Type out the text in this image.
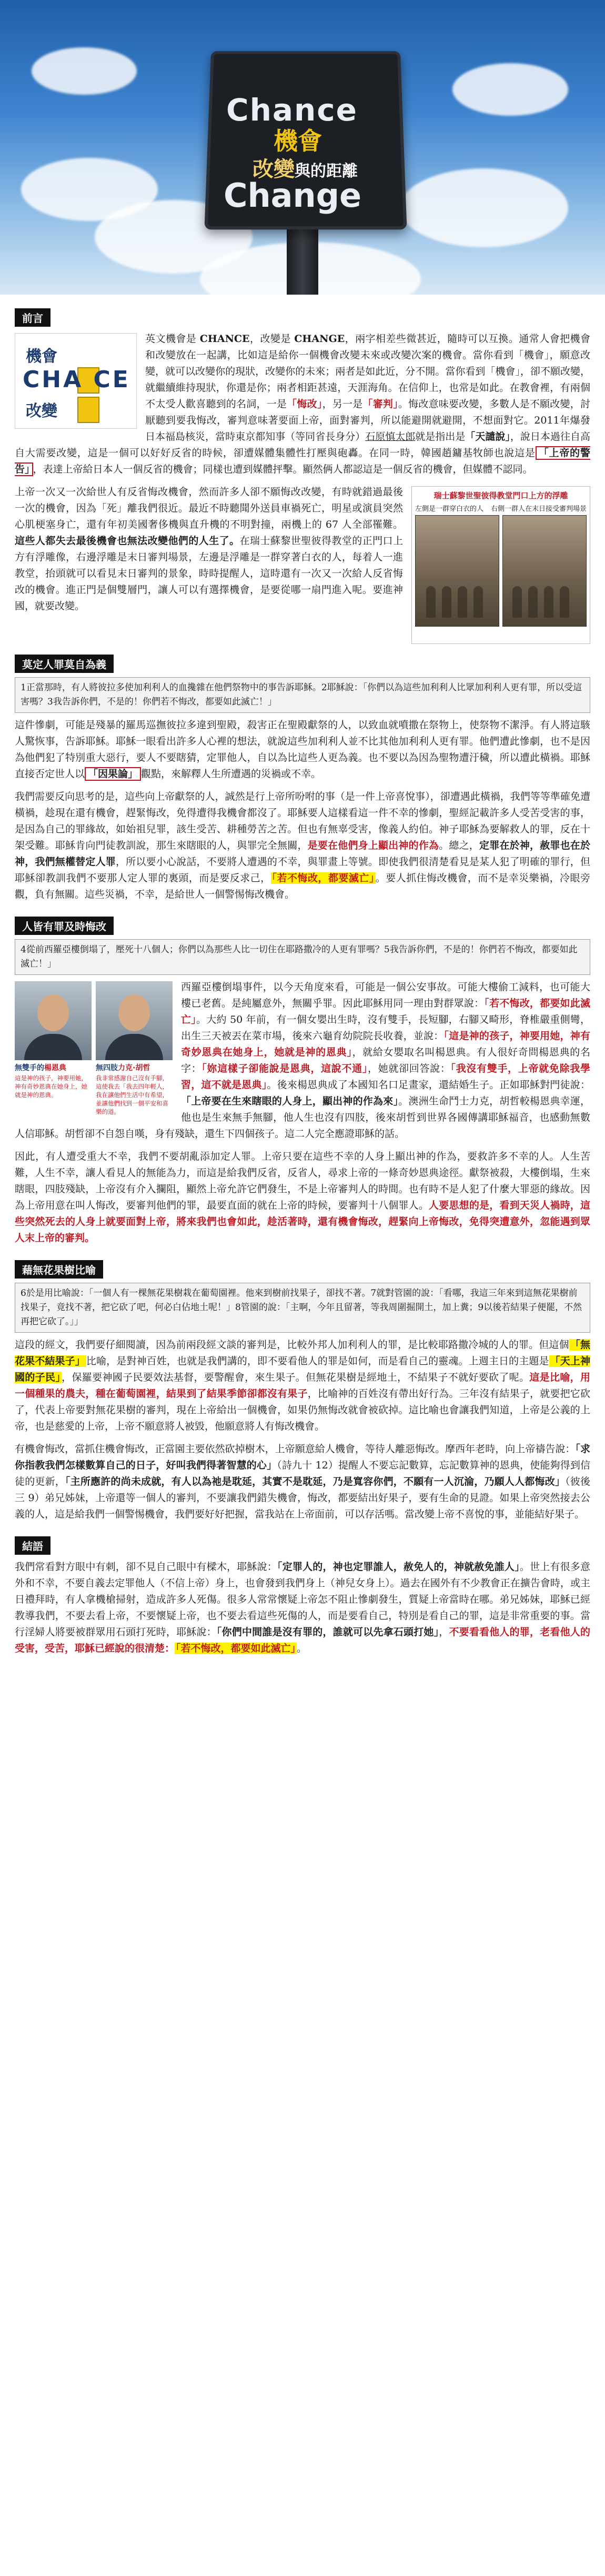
Chance
機會
改變與的距離
Change
前言
機會
CHA CE
改變

英文機會是 CHANCE，改變是 CHANGE，兩字相差些微甚近，隨時可以互換。通常人會把機會和改變放在一起講，比如這是給你一個機會改變未來或改變次案的機會。當你看到「機會」，願意改變，就可以改變你的現狀，改變你的未來；兩者是如此近，分不開。當你看到「機會」，卻不願改變，就繼續維持現狀，你還是你；兩者相距甚遠，天涯海角。在信仰上，也常是如此。在教會裡，有兩個不太受人歡喜聽到的名詞，一是「悔改」，另一是「審判」。悔改意味要改變，多數人是不願改變，討厭聽到要我悔改，審判意味著要面上帝，面對審判，所以能避開就避開，不想面對它。2011年爆發日本福島核災，當時東京都知事（等同省長身分）石原慎太郎就是指出是「天譴說」，說日本過往自高自大需要改變，這是一個可以好好反省的時候，卻遭媒體集體性打壓與砲轟。在同一時，韓國趙鏞基牧師也說這是 「上帝的警告」 ，表達上帝給日本人一個反省的機會；同樣也遭到媒體抨擊。顯然俩人都認這是一個反省的機會，但媒體不認同。

瑞士蘇黎世聖彼得教堂門口上方的浮雕
左側是一群穿白衣的人 右側一群人在末日接受審判場景

上帝一次又一次給世人有反省悔改機會，然而許多人卻不願悔改改變，有時就錯過最後一次的機會，因為「死」離我們很近。最近不時聽聞外送員車禍死亡，明星或演員突然心肌梗塞身亡，還有年初美國奢侈機與直升機的不明對撞，兩機上的 67 人全部罹難。這些人都失去最後機會也無法改變他們的人生了。在瑞士蘇黎世聖彼得教堂的正門口上方有浮雕像，右邊浮雕是末日審判場景，左邊是浮雕是一群穿著白衣的人，每着人一進教堂，抬頭就可以看見末日審判的景象，時時提醒人，這時還有一次又一次給人反省悔改的機會。進正門是個雙層門，讓人可以有選擇機會，是要從哪一扇門進入呢。要進神國，就要改變。

莫定人罪莫自為義
1正當那時，有人將彼拉多使加利利人的血攙雜在他們祭物中的事告訴耶穌。2耶穌說：「你們以為這些加利利人比眾加利利人更有罪，所以受這害嗎？3我告訴你們，不是的！你們若不悔改，都要如此滅亡！」

這件慘劇，可能是殘暴的羅馬巡撫彼拉多違到聖殿，殺害正在聖殿獻祭的人，以致血就噴撒在祭物上，使祭物不潔淨。有人將這駭人驚恢事，告訴耶穌。耶穌一眼看出許多人心裡的想法，就說這些加利利人並不比其他加利利人更有罪。他們遭此慘劇，也不是因為他們犯了特別重大惡行，要人不要瞎猜，定罪他人，自以為比這些人更為義。也不要以為因為聖物遭汙穢，所以遭此橫禍。耶穌直接否定世人以 「因果論」 觀點，來解釋人生所遭遇的災禍或不幸。

我們需要反向思考的是，這些向上帝獻祭的人，誠然是行上帝所吩咐的事（是一件上帝喜悅事），卻遭遇此橫禍，我們等等準確免遭橫禍，趁現在還有機會，趕緊悔改，免得遭得我機會都沒了。耶穌要人這樣看這一件不幸的慘劇，聖經記載許多人受苦受害的事，是因為自己的罪緣故，如始祖兒罪，該生受苦、耕種勞苦之苦。但也有無辜受害，像義人約伯。神子耶穌為要解救人的罪，反在十架受難。耶穌肯向門徒教訓說，那生來瞎眼的人，與罪完全無關，是要在他們身上顯出神的作為。總之，定罪在於神，赦罪也在於神，我們無權替定人罪，所以要小心說話，不要將人遭遇的不幸，與罪畫上等號。即使我們很清楚看見是某人犯了明確的罪行，但耶穌卻教訓我們不要那人定人罪的裏頭，而是要反求己， 「若不悔改，都要滅亡」 。要人抓住悔改機會，而不是幸災樂禍，冷眼旁觀，負有無關。這些災禍，不幸，是給世人一個警惕悔改機會。

人皆有罪及時悔改
4從前西羅亞樓倒塌了，壓死十八個人；你們以為那些人比一切住在耶路撒冷的人更有罪嗎？5我告訴你們，不是的！你們若不悔改，都要如此滅亡！」
無雙手的楊恩典
這是神的孩子，神要用她，神有奇妙恩典在她身上，她就是神的恩典。
無四肢力克·胡哲
我非常感謝自己沒有手腳，這使我去「我去四年輕人，我在讓他們生活中有希望，並讓他們找到一個平安和喜樂的道。

西羅亞樓倒塌事件，以今天角度來看，可能是一個公安事故。可能大樓偷工減料，也可能大樓已老舊。是純屬意外，無關乎罪。因此耶穌用同一理由對群眾說：「若不悔改，都要如此滅亡」。大約 50 年前，有一個女嬰出生時，沒有雙手，長短腳，右腳又畸形，脊椎嚴重側彎，出生三天被丟在菜市場，後來六龜育幼院院長收養，並說：「這是神的孩子，神要用她，神有奇妙恩典在她身上，她就是神的恩典」，就給女嬰取名叫楊恩典。有人很好奇問楊恩典的名字：「妳這樣子卻能說是恩典，這說不通」，她就卻回答說：「我沒有雙手，上帝就免除我學習，這不就是恩典」。後來楊恩典成了本國知名口足畫家，還結婚生子。正如耶穌對門徒說：「上帝要在生來瞎眼的人身上，顯出神的作為來」。澳洲生命鬥士力克，胡哲較楊恩典幸運，他也是生來無手無腳，他人生也沒有四肢，後來胡哲到世界各國傳講耶穌福音，也感動無數人信耶穌。胡哲卻不自怨自嘆，身有殘缺，還生下四個孩子。這二人完全應證耶穌的話。

因此，有人遭受重大不幸，我們不要胡亂添加定人罪。上帝只要在這些不幸的人身上顯出神的作為，要救許多不幸的人。人生苦難，人生不幸，讓人看見人的無能為力，而這是給我們反省，反省人，尋求上帝的一條奇妙恩典途徑。獻祭被殺，大樓倒塌，生來瞎眼，四肢殘缺，上帝沒有介入攔阻，顯然上帝允許它們發生，不是上帝審判人的時間。也有時不是人犯了什麼大罪惡的緣故。因為上帝用意在叫人悔改，要審判他們的罪，最要直面的就在上帝的時候，要審判十八個罪人。人要思想的是，看到天災人禍時，這些突然死去的人身上就要面對上帝，將來我們也會如此，趁活著時，還有機會悔改，趕緊向上帝悔改，免得突遭意外，忽能遇到眾人末上帝的審判。

藉無花果樹比喻
6於是用比喻說：「一個人有一棵無花果樹栽在葡萄園裡。他來到樹前找果子，卻找不著。7就對管園的說：「看哪，我這三年來到這無花果樹前找果子，竟找不著，把它砍了吧，何必白佔地土呢！」8管園的說：「主啊，今年且留著，等我周圍掘開土，加上糞；9以後若結果子便罷，不然再把它砍了。」」

這段的經文，我們要仔細閱讀，因為前兩段經文談的審判是，比較外邦人加利利人的罪，是比較耶路撒冷城的人的罪。但這個 「無花果不結果子」 比喻，是對神百姓，也就是我們講的，即不要看他人的罪是如何，而是看自己的靈魂。上週主日的主題是 「天上神國的子民」 ，保羅要神國子民要效法基督，要警醒會，來生果子。但無花果樹是經地土，不結果子不就好要砍了呢。這是比喻，用一個種果的農夫，種在葡萄園裡，結果到了結果季節卻都沒有果子，比喻神的百姓沒有帶出好行為。三年沒有結果子，就要把它砍了，代表上帝要對無花果樹的審判，現在上帝給出一個機會，如果仍無悔改就會被砍掉。這比喻也會讓我們知道，上帝是公義的上帝，也是慈愛的上帝，上帝不願意將人被毀，他願意將人有悔改機會。

有機會悔改，當抓住機會悔改，正當園主要依然砍掉樹木，上帝願意給人機會，等待人離惡悔改。摩西年老時，向上帝禱告說：「求你指教我們怎樣數算自己的日子，好叫我們得著智慧的心」（詩九十 12）提醒人不要忘記數算，忘記數算神的恩典，使能夠得到信徒的更新，「主所應許的尚未成就，有人以為祂是耽延，其實不是耽延，乃是寬容你們，不願有一人沉淪，乃願人人都悔改」（彼後三 9）弟兄姊妹，上帝還等一個人的審判，不要讓我們錯失機會，悔改，都要結出好果子，要有生命的見證。如果上帝突然接去公義的人，這是給我們一個警惕機會，我們要好好把握，當我站在上帝面前，可以存活嗎。當改變上帝不喜悅的事，並能結好果子。

結語

我們常看對方眼中有刺，卻不見自己眼中有樑木，耶穌說：「定罪人的，神也定罪誰人，赦免人的，神就赦免誰人」。世上有很多意外和不幸，不要自義去定罪他人（不信上帝）身上，也會發到我們身上（神兒女身上）。過去在國外有不少教會正在擴告會時，或主日禮拜時，有人拿機槍掃射，造成許多人死傷。很多人常常懷疑上帝怎不阻止慘劇發生，質疑上帝當時在哪。弟兄姊妹，耶穌已經教導我們，不要去看上帝，不要懷疑上帝，也不要去看這些死傷的人，而是要看自己，特別是看自己的罪，這是非常重要的事。當行淫婦人將要被群眾用石頭打死時，耶穌說：「你們中間誰是沒有罪的，誰就可以先拿石頭打她」，不要看看他人的罪，老看他人的受害，受苦，耶穌已經說的很清楚： 「若不悔改，都要如此滅亡」 。
